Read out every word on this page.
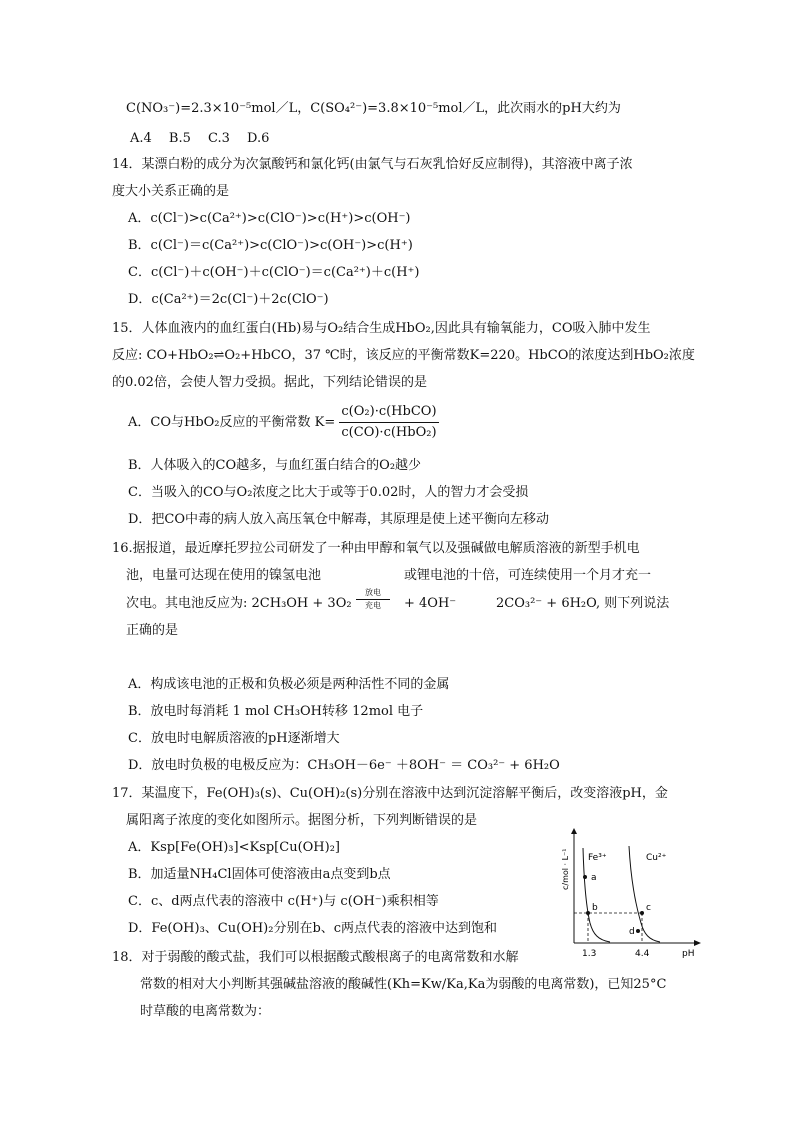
C(NO₃⁻)=2.3×10⁻⁵mol／L，C(SO₄²⁻)=3.8×10⁻⁵mol／L，此次雨水的pH大约为
A.4　 B.5　 C.3　 D.6
14．某漂白粉的成分为次氯酸钙和氯化钙(由氯气与石灰乳恰好反应制得)，其溶液中离子浓
度大小关系正确的是
A．c(Cl⁻)>c(Ca²⁺)>c(ClO⁻)>c(H⁺)>c(OH⁻)
B．c(Cl⁻)＝c(Ca²⁺)>c(ClO⁻)>c(OH⁻)>c(H⁺)
C．c(Cl⁻)＋c(OH⁻)＋c(ClO⁻)＝c(Ca²⁺)＋c(H⁺)
D．c(Ca²⁺)＝2c(Cl⁻)＋2c(ClO⁻)
15．人体血液内的血红蛋白(Hb)易与O₂结合生成HbO₂,因此具有输氧能力，CO吸入肺中发生
反应: CO+HbO₂⇌O₂+HbCO，37 ℃时，该反应的平衡常数K=220。HbCO的浓度达到HbO₂浓度
的0.02倍，会使人智力受损。据此，下列结论错误的是
A．CO与HbO₂反应的平衡常数 $K= \frac{\text{c(O₂)·c(HbCO)}}{\text{c(CO)·c(HbO₂)}}$
B．人体吸入的CO越多，与血红蛋白结合的O₂越少
C．当吸入的CO与O₂浓度之比大于或等于0.02时，人的智力才会受损
D．把CO中毒的病人放入高压氧仓中解毒，其原理是使上述平衡向左移动
16.据报道，最近摩托罗拉公司研发了一种由甲醇和氧气以及强碱做电解质溶液的新型手机电
池，电量可达现在使用的镍氢电池	或锂电池的十倍，可连续使用一个月才充一
次电。其电池反应为: 2CH₃OH + 3O₂
放电
充电	+ 4OH⁻	2CO₃²⁻ + 6H₂O, 则下列说法
正确的是
A．构成该电池的正极和负极必须是两种活性不同的金属
B．放电时每消耗 1 mol CH₃OH转移 12mol 电子
C．放电时电解质溶液的pH逐渐增大
D．放电时负极的电极反应为：CH₃OH－6e⁻ ＋8OH⁻ ＝ CO₃²⁻ + 6H₂O
17．某温度下，Fe(OH)₃(s)、Cu(OH)₂(s)分别在溶液中达到沉淀溶解平衡后，改变溶液pH，金
属阳离子浓度的变化如图所示。据图分析，下列判断错误的是
A．Ksp[Fe(OH)₃]<Ksp[Cu(OH)₂]
B．加适量NH₄Cl固体可使溶液由a点变到b点
C．c、d两点代表的溶液中 c(H⁺)与 c(OH⁻)乘积相等
D．Fe(OH)₃、Cu(OH)₂分别在b、c两点代表的溶液中达到饱和
a
b	c
d
Fe³⁺	Cu²⁺
1.3	4.4	pH
c/mol · L⁻¹
18．对于弱酸的酸式盐，我们可以根据酸式酸根离子的电离常数和水解
常数的相对大小判断其强碱盐溶液的酸碱性(Kh=Kw/Ka,Ka为弱酸的电离常数)，已知25°C
时草酸的电离常数为：
